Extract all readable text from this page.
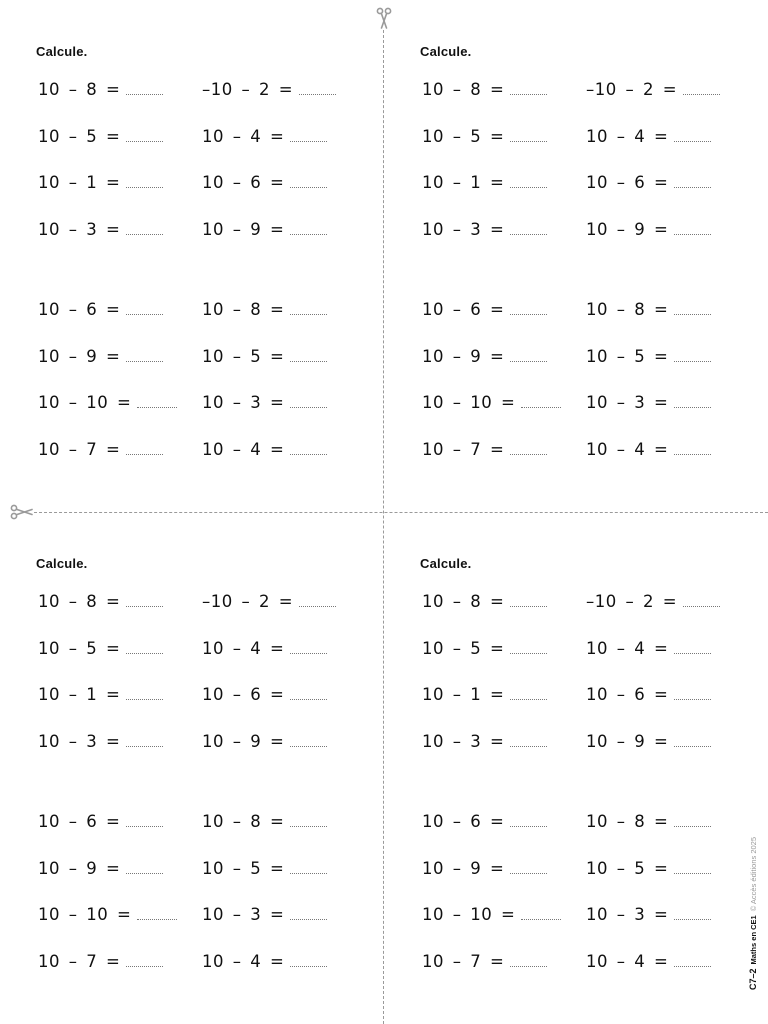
Calcule.
10 – 8 =
10 – 5 =
10 – 1 =
10 – 3 =
–10 – 2 =
10 – 4 =
10 – 6 =
10 – 9 =
10 – 6 =
10 – 9 =
10 – 10 =
10 – 7 =
10 – 8 =
10 – 5 =
10 – 3 =
10 – 4 =
Calcule.
10 – 8 =
10 – 5 =
10 – 1 =
10 – 3 =
–10 – 2 =
10 – 4 =
10 – 6 =
10 – 9 =
10 – 6 =
10 – 9 =
10 – 10 =
10 – 7 =
10 – 8 =
10 – 5 =
10 – 3 =
10 – 4 =
Calcule.
10 – 8 =
10 – 5 =
10 – 1 =
10 – 3 =
–10 – 2 =
10 – 4 =
10 – 6 =
10 – 9 =
10 – 6 =
10 – 9 =
10 – 10 =
10 – 7 =
10 – 8 =
10 – 5 =
10 – 3 =
10 – 4 =
Calcule.
10 – 8 =
10 – 5 =
10 – 1 =
10 – 3 =
–10 – 2 =
10 – 4 =
10 – 6 =
10 – 9 =
10 – 6 =
10 – 9 =
10 – 10 =
10 – 7 =
10 – 8 =
10 – 5 =
10 – 3 =
10 – 4 =
C7–2
Maths en CE1
© Accès éditions 2025
